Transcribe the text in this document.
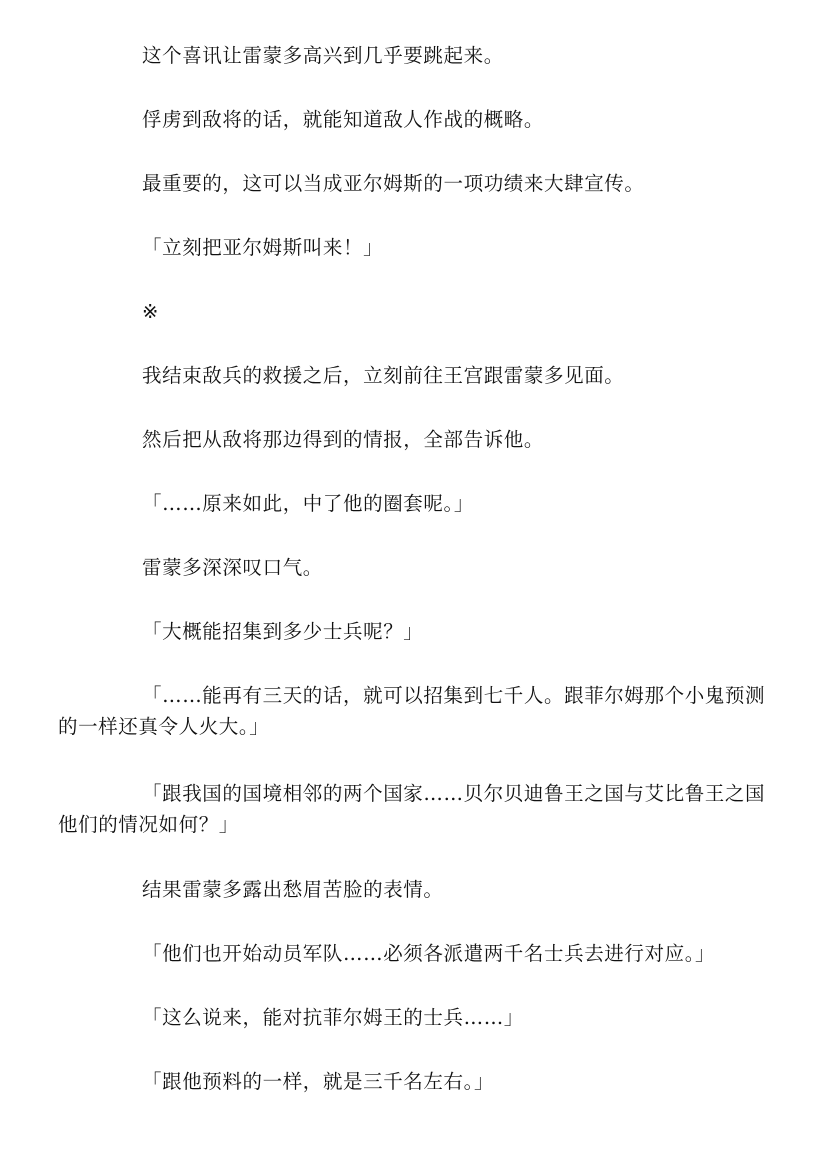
这个喜讯让雷蒙多高兴到几乎要跳起来。

俘虏到敌将的话，就能知道敌人作战的概略。

最重要的，这可以当成亚尔姆斯的一项功绩来大肆宣传。

「立刻把亚尔姆斯叫来！」

※

我结束敌兵的救援之后，立刻前往王宫跟雷蒙多见面。

然后把从敌将那边得到的情报，全部告诉他。

「……原来如此，中了他的圈套呢。」

雷蒙多深深叹口气。

「大概能招集到多少士兵呢？」

「……能再有三天的话，就可以招集到七千人。跟菲尔姆那个小鬼预测的一样还真令人火大。」

「跟我国的国境相邻的两个国家……贝尔贝迪鲁王之国与艾比鲁王之国他们的情况如何？」

结果雷蒙多露出愁眉苦脸的表情。

「他们也开始动员军队……必须各派遣两千名士兵去进行对应。」

「这么说来，能对抗菲尔姆王的士兵……」

「跟他预料的一样，就是三千名左右。」
